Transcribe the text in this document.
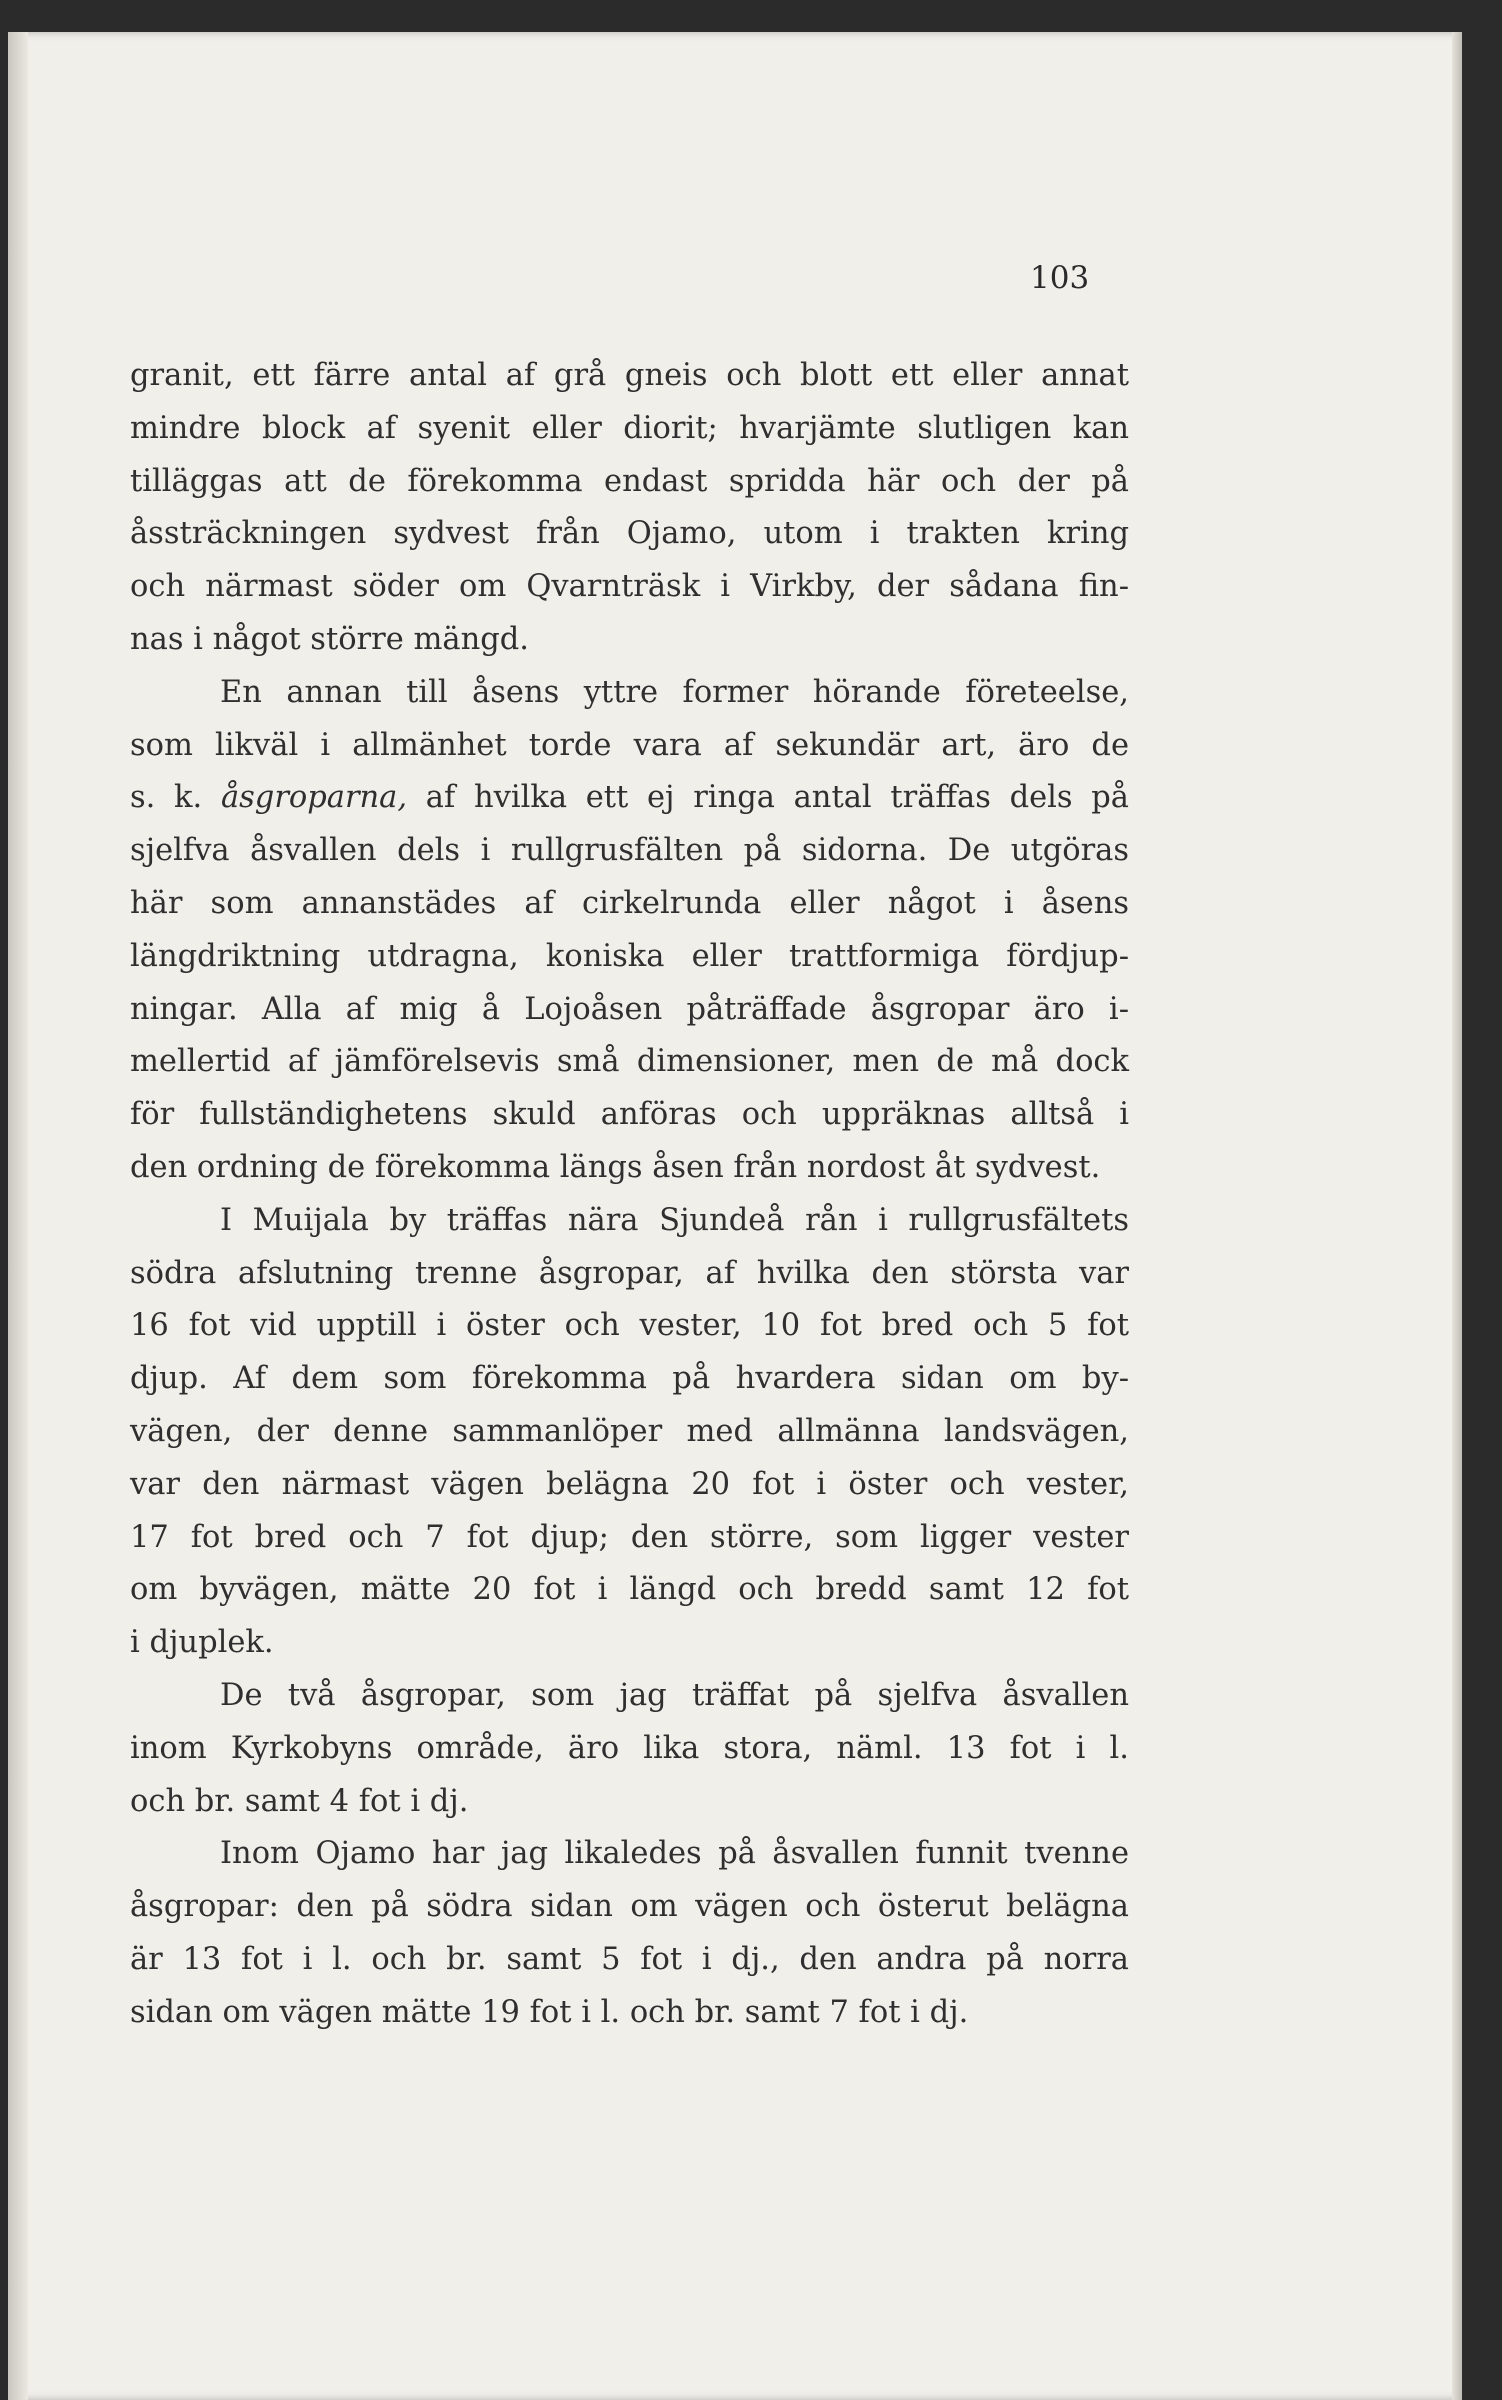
103
granit, ett färre antal af grå gneis och blott ett eller annat
mindre block af syenit eller diorit; hvarjämte slutligen kan
tilläggas att de förekomma endast spridda här och der på
åssträckningen sydvest från Ojamo, utom i trakten kring
och närmast söder om Qvarnträsk i Virkby, der sådana fin-
nas i något större mängd.
En annan till åsens yttre former hörande företeelse,
som likväl i allmänhet torde vara af sekundär art, äro de
s. k. åsgroparna, af hvilka ett ej ringa antal träffas dels på
sjelfva åsvallen dels i rullgrusfälten på sidorna. De utgöras
här som annanstädes af cirkelrunda eller något i åsens
längdriktning utdragna, koniska eller trattformiga fördjup-
ningar. Alla af mig å Lojoåsen påträffade åsgropar äro i-
mellertid af jämförelsevis små dimensioner, men de må dock
för fullständighetens skuld anföras och uppräknas alltså i
den ordning de förekomma längs åsen från nordost åt sydvest.
I Muijala by träffas nära Sjundeå rån i rullgrusfältets
södra afslutning trenne åsgropar, af hvilka den största var
16 fot vid upptill i öster och vester, 10 fot bred och 5 fot
djup. Af dem som förekomma på hvardera sidan om by-
vägen, der denne sammanlöper med allmänna landsvägen,
var den närmast vägen belägna 20 fot i öster och vester,
17 fot bred och 7 fot djup; den större, som ligger vester
om byvägen, mätte 20 fot i längd och bredd samt 12 fot
i djuplek.
De två åsgropar, som jag träffat på sjelfva åsvallen
inom Kyrkobyns område, äro lika stora, näml. 13 fot i l.
och br. samt 4 fot i dj.
Inom Ojamo har jag likaledes på åsvallen funnit tvenne
åsgropar: den på södra sidan om vägen och österut belägna
är 13 fot i l. och br. samt 5 fot i dj., den andra på norra
sidan om vägen mätte 19 fot i l. och br. samt 7 fot i dj.
